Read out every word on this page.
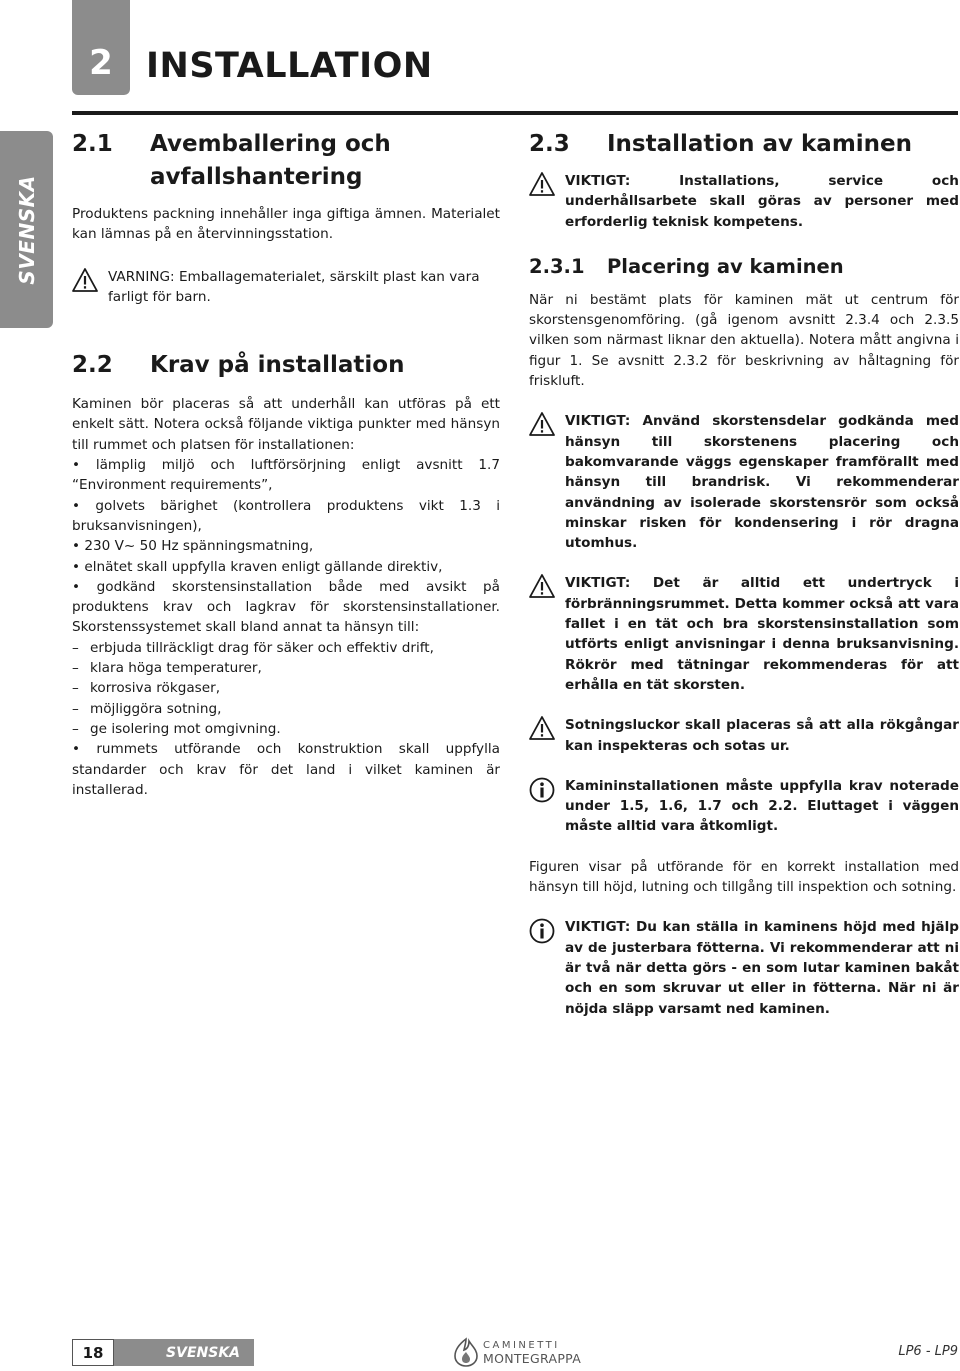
2 INSTALLATION
SVENSKA
2.1	Avemballering och
avfallshantering

Produktens packning innehåller inga giftiga ämnen. Materialet kan lämnas på en återvinningsstation.

VARNING: Emballagematerialet, särskilt plast kan vara farligt för barn.
2.2	Krav på installation

Kaminen bör placeras så att underhåll kan utföras på ett enkelt sätt. Notera också följande viktiga punkter med hänsyn till rummet och platsen för installationen:

• lämplig miljö och luftförsörjning enligt avsnitt 1.7 “Environment requirements”,
• golvets bärighet (kontrollera produktens vikt 1.3 i bruksanvisningen),
• 230 V~ 50 Hz spänningsmatning,
• elnätet skall uppfylla kraven enligt gällande direktiv,
• godkänd skorstensinstallation både med avsikt på produktens krav och lagkrav för skorstensinstallationer. Skorstenssystemet skall bland annat ta hänsyn till:
– erbjuda tillräckligt drag för säker och effektiv drift,
– klara höga temperaturer,
– korrosiva rökgaser,
– möjliggöra sotning,
– ge isolering mot omgivning.
• rummets utförande och konstruktion skall uppfylla standarder och krav för det land i vilket kaminen är installerad.
2.3	Installation av kaminen
VIKTIGT: Installations, service och underhållsarbete skall göras av personer med erforderlig teknisk kompetens.
2.3.1	Placering av kaminen

När ni bestämt plats för kaminen mät ut centrum för skorstensgenomföring. (gå igenom avsnitt 2.3.4 och 2.3.5 vilken som närmast liknar den aktuella). Notera mått angivna i figur 1. Se avsnitt 2.3.2 för beskrivning av håltagning för friskluft.

VIKTIGT: Använd skorstensdelar godkända med hänsyn till skorstenens placering och bakomvarande väggs egenskaper framförallt med hänsyn till brandrisk. Vi rekommenderar användning av isolerade skorstensrör som också minskar risken för kondensering i rör dragna utomhus.
VIKTIGT: Det är alltid ett undertryck i förbränningsrummet. Detta kommer också att vara fallet i en tät och bra skorstensinstallation som utförts enligt anvisningar i denna bruksanvisning. Rökrör med tätningar rekommenderas för att erhålla en tät skorsten.
Sotningsluckor skall placeras så att alla rökgångar kan inspekteras och sotas ur.
Kamininstallationen måste uppfylla krav noterade under 1.5, 1.6, 1.7 och 2.2. Eluttaget i väggen måste alltid vara åtkomligt.

Figuren visar på utförande för en korrekt installation med hänsyn till höjd, lutning och tillgång till inspektion och sotning.

VIKTIGT: Du kan ställa in kaminens höjd med hjälp av de justerbara fötterna. Vi rekommenderar att ni är två när detta görs - en som lutar kaminen bakåt och en som skruvar ut eller in fötterna. När ni är nöjda släpp varsamt ned kaminen.
18	SVENSKA	CAMINETTI
MONTEGRAPPA	LP6 - LP9
